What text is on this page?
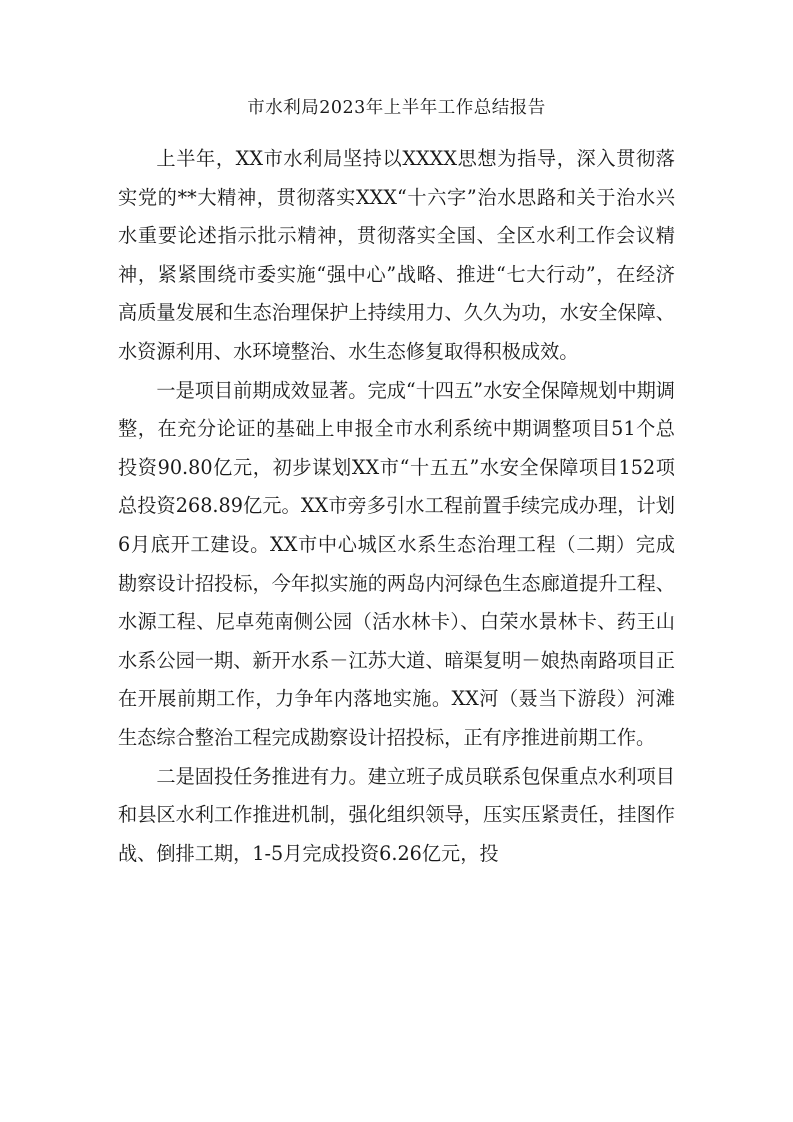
市水利局2023年上半年工作总结报告

上半年，XX市水利局坚持以XXXX思想为指导，深入贯彻落实党的**大精神，贯彻落实XXX“十六字”治水思路和关于治水兴水重要论述指示批示精神，贯彻落实全国、全区水利工作会议精神，紧紧围绕市委实施“强中心”战略、推进“七大行动”，在经济高质量发展和生态治理保护上持续用力、久久为功，水安全保障、水资源利用、水环境整治、水生态修复取得积极成效。

一是项目前期成效显著。完成“十四五”水安全保障规划中期调整，在充分论证的基础上申报全市水利系统中期调整项目51个总投资90.80亿元，初步谋划XX市“十五五”水安全保障项目152项总投资268.89亿元。XX市旁多引水工程前置手续完成办理，计划6月底开工建设。XX市中心城区水系生态治理工程（二期）完成勘察设计招投标，今年拟实施的两岛内河绿色生态廊道提升工程、水源工程、尼卓苑南侧公园（活水林卡）、白荣水景林卡、药王山水系公园一期、新开水系－江苏大道、暗渠复明－娘热南路项目正在开展前期工作，力争年内落地实施。XX河（聂当下游段）河滩生态综合整治工程完成勘察设计招投标，正有序推进前期工作。

二是固投任务推进有力。建立班子成员联系包保重点水利项目和县区水利工作推进机制，强化组织领导，压实压紧责任，挂图作战、倒排工期，1-5月完成投资6.26亿元，投
